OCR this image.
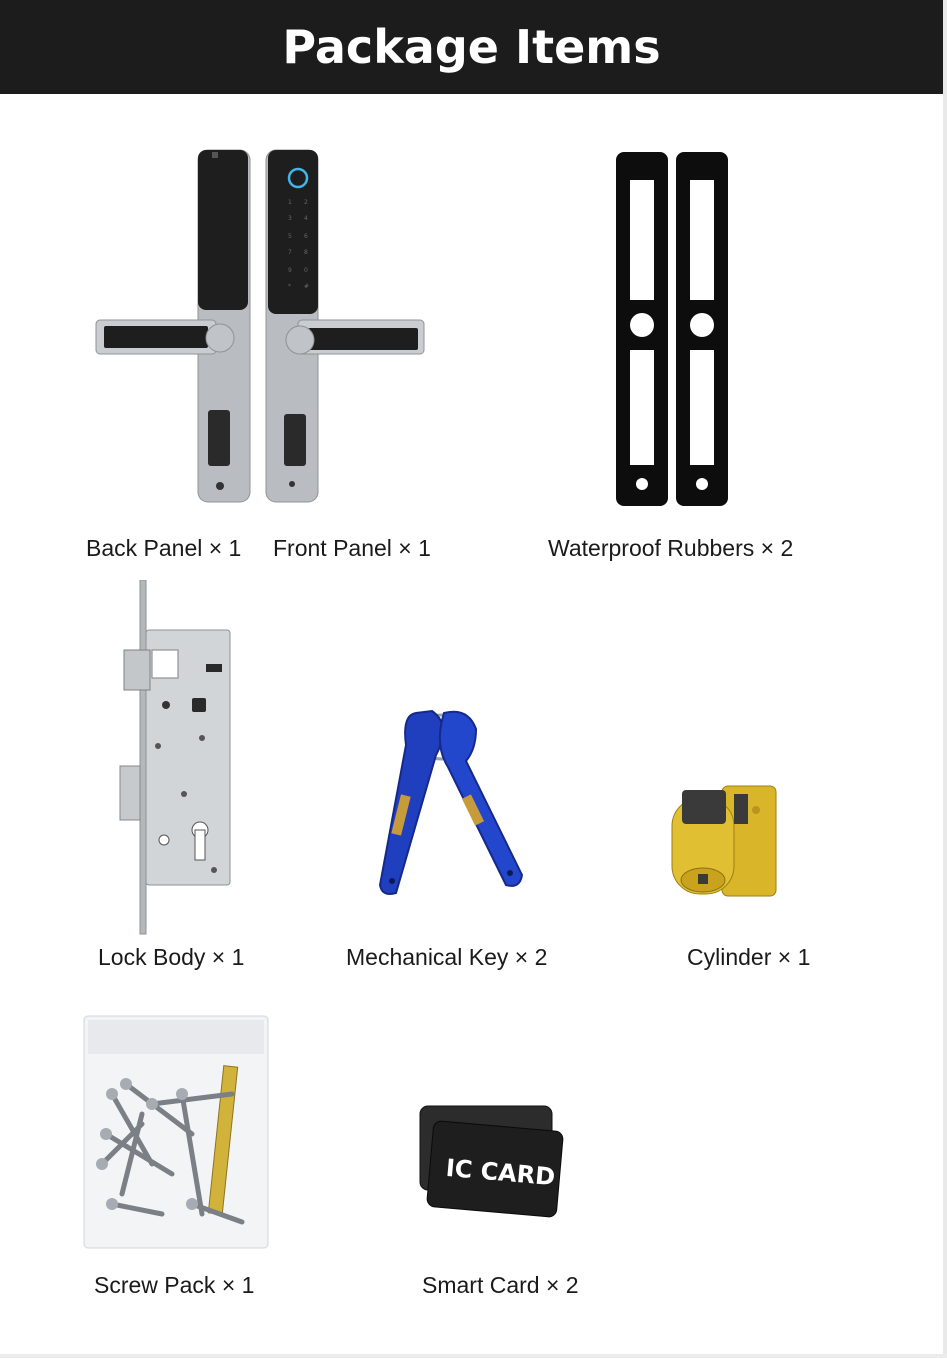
Package Items
1 2
3 4
5 6
7 8
9 0
* #
Back Panel × 1 Front Panel × 1	Waterproof Rubbers × 2
Lock Body × 1	Mechanical Key × 2	Cylinder × 1
Screw Pack × 1
IC CARD
Smart Card × 2
